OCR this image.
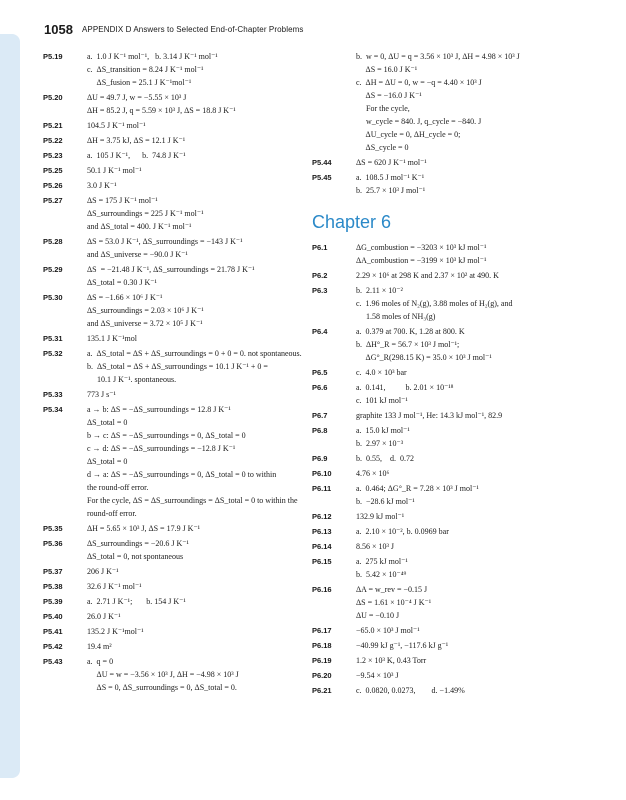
1058 APPENDIX D Answers to Selected End-of-Chapter Problems
P5.19	a.  1.0 J K⁻¹ mol⁻¹,   b. 3.14 J K⁻¹ mol⁻¹
c.  ΔS_transition = 8.24 J K⁻¹ mol⁻¹
ΔS_fusion = 25.1 J K⁻¹mol⁻¹
P5.20	ΔU = 49.7 J, w = −5.55 × 10³ J
ΔH = 85.2 J, q = 5.59 × 10³ J, ΔS = 18.8 J K⁻¹
P5.21	104.5 J K⁻¹ mol⁻¹
P5.22	ΔH = 3.75 kJ, ΔS = 12.1 J K⁻¹
P5.23	a.  105 J K⁻¹,      b.  74.8 J K⁻¹
P5.25	50.1 J K⁻¹ mol⁻¹
P5.26	3.0 J K⁻¹
P5.27	ΔS = 175 J K⁻¹ mol⁻¹
ΔS_surroundings = 225 J K⁻¹ mol⁻¹
and ΔS_total = 400. J K⁻¹ mol⁻¹
P5.28	ΔS = 53.0 J K⁻¹, ΔS_surroundings = −143 J K⁻¹
and ΔS_universe = −90.0 J K⁻¹
P5.29	ΔS  = −21.48 J K⁻¹, ΔS_surroundings = 21.78 J K⁻¹
ΔS_total = 0.30 J K⁻¹
P5.30	ΔS = −1.66 × 10⁶ J K⁻¹
ΔS_surroundings = 2.03 × 10⁶ J K⁻¹
and ΔS_universe = 3.72 × 10⁵ J K⁻¹
P5.31	135.1 J K⁻¹mol
P5.32	a.  ΔS_total = ΔS + ΔS_surroundings = 0 + 0 = 0. not spontaneous.
b.  ΔS_total = ΔS + ΔS_surroundings = 10.1 J K⁻¹ + 0 =
10.1 J K⁻¹. spontaneous.
P5.33	773 J s⁻¹
P5.34	a → b: ΔS = −ΔS_surroundings = 12.8 J K⁻¹
ΔS_total = 0
b → c: ΔS = −ΔS_surroundings = 0, ΔS_total = 0
c → d: ΔS = −ΔS_surroundings = −12.8 J K⁻¹
ΔS_total = 0
d → a: ΔS = −ΔS_surroundings = 0, ΔS_total = 0 to within
the round-off error.
For the cycle, ΔS = ΔS_surroundings = ΔS_total = 0 to within the
round-off error.
P5.35	ΔH = 5.65 × 10³ J, ΔS = 17.9 J K⁻¹
P5.36	ΔS_surroundings = −20.6 J K⁻¹
ΔS_total = 0, not spontaneous
P5.37	206 J K⁻¹
P5.38	32.6 J K⁻¹ mol⁻¹
P5.39	a.  2.71 J K⁻¹;       b. 154 J K⁻¹
P5.40	26.0 J K⁻¹
P5.41	135.2 J K⁻¹mol⁻¹
P5.42	19.4 m²
P5.43	a.  q = 0
ΔU = w = −3.56 × 10³ J, ΔH = −4.98 × 10³ J
ΔS = 0, ΔS_surroundings = 0, ΔS_total = 0.
b.  w = 0, ΔU = q = 3.56 × 10³ J, ΔH = 4.98 × 10³ J
ΔS = 16.0 J K⁻¹
c.  ΔH = ΔU = 0, w = −q = 4.40 × 10³ J
ΔS = −16.0 J K⁻¹
For the cycle,
w_cycle = 840. J, q_cycle = −840. J
ΔU_cycle = 0, ΔH_cycle = 0;
ΔS_cycle = 0
P5.44	ΔS = 620 J K⁻¹ mol⁻¹
P5.45	a.  108.5 J mol⁻¹ K⁻¹
b.  25.7 × 10³ J mol⁻¹
Chapter 6
P6.1	ΔG_combustion = −3203 × 10³ kJ mol⁻¹
ΔA_combustion = −3199 × 10³ kJ mol⁻¹
P6.2	2.29 × 10⁶ at 298 K and 2.37 × 10² at 490. K
P6.3	b.  2.11 × 10⁻²
c.  1.96 moles of N₂(g), 3.88 moles of H₂(g), and
1.58 moles of NH₃(g)
P6.4	a.  0.379 at 700. K, 1.28 at 800. K
b.  ΔH°_R = 56.7 × 10³ J mol⁻¹;
ΔG°_R(298.15 K) = 35.0 × 10³ J mol⁻¹
P6.5	c.  4.0 × 10³ bar
P6.6	a.  0.141,          b. 2.01 × 10⁻¹⁸
c.  101 kJ mol⁻¹
P6.7	graphite 133 J mol⁻¹, He: 14.3 kJ mol⁻¹, 82.9
P6.8	a.  15.0 kJ mol⁻¹
b.  2.97 × 10⁻³
P6.9	b.  0.55,    d.  0.72
P6.10	4.76 × 10⁶
P6.11	a.  0.464; ΔG°_R = 7.28 × 10³ J mol⁻¹
b.  −28.6 kJ mol⁻¹
P6.12	132.9 kJ mol⁻¹
P6.13	a.  2.10 × 10⁻², b. 0.0969 bar
P6.14	8.56 × 10³ J
P6.15	a.  275 kJ mol⁻¹
b.  5.42 × 10⁻⁴⁹
P6.16	ΔA = w_rev = −0.15 J
ΔS = 1.61 × 10⁻⁴ J K⁻¹
ΔU = −0.10 J
P6.17	−65.0 × 10³ J mol⁻¹
P6.18	−40.99 kJ g⁻¹, −117.6 kJ g⁻¹
P6.19	1.2 × 10³ K, 0.43 Torr
P6.20	−9.54 × 10³ J
P6.21	c.  0.0820, 0.0273,        d. −1.49%
